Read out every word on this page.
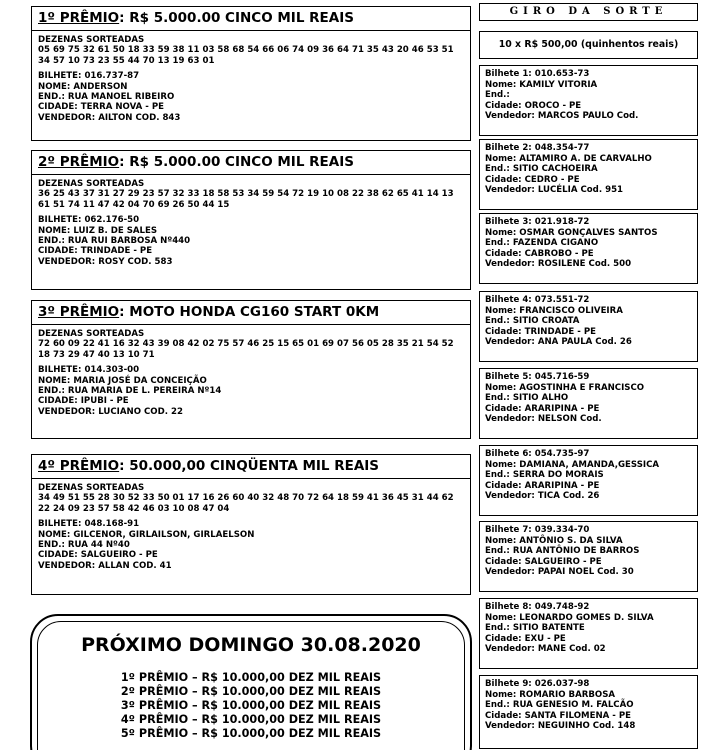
1º PRÊMIO: R$ 5.000.00 CINCO MIL REAIS
DEZENAS SORTEADAS
05 69 75 32 61 50 18 33 59 38 11 03 58 68 54 66 06 74 09 36 64 71 35 43 20 46 53 51 34 57 10 73 23 55 44 70 13 19 63 01
BILHETE: 016.737-87
NOME: ANDERSON
END.: RUA MANOEL RIBEIRO
CIDADE: TERRA NOVA - PE
VENDEDOR: AILTON COD. 843
2º PRÊMIO: R$ 5.000.00 CINCO MIL REAIS
DEZENAS SORTEADAS
36 25 43 37 31 27 29 23 57 32 33 18 58 53 34 59 54 72 19 10 08 22 38 62 65 41 14 13 61 51 74 11 47 42 04 70 69 26 50 44 15
BILHETE: 062.176-50
NOME: LUIZ B. DE SALES
END.: RUA RUI BARBOSA Nº440
CIDADE: TRINDADE - PE
VENDEDOR: ROSY COD. 583
3º PRÊMIO: MOTO HONDA CG160 START 0KM
DEZENAS SORTEADAS
72 60 09 22 41 16 32 43 39 08 42 02 75 57 46 25 15 65 01 69 07 56 05 28 35 21 54 52 18 73 29 47 40 13 10 71
BILHETE: 014.303-00
NOME: MARIA JOSÉ DA CONCEIÇÃO
END.: RUA MARIA DE L. PEREIRA Nº14
CIDADE: IPUBI - PE
VENDEDOR: LUCIANO COD. 22
4º PRÊMIO: 50.000,00 CINQÜENTA MIL REAIS
DEZENAS SORTEADAS
34 49 51 55 28 30 52 33 50 01 17 16 26 60 40 32 48 70 72 64 18 59 41 36 45 31 44 62 22 24 09 23 57 58 42 46 03 10 08 47 04
BILHETE: 048.168-91
NOME: GILCENOR, GIRLAILSON, GIRLAELSON
END.: RUA 44 Nº40
CIDADE: SALGUEIRO - PE
VENDEDOR: ALLAN COD. 41
GIRO DA SORTE
10 x R$ 500,00 (quinhentos reais)
Bilhete 1: 010.653-73
Nome: KAMILY VITORIA
End.:
Cidade: OROCO - PE
Vendedor: MARCOS PAULO Cod.
Bilhete 2: 048.354-77
Nome: ALTAMIRO A. DE CARVALHO
End.: SITIO CACHOEIRA
Cidade: CEDRO - PE
Vendedor: LUCÉLIA Cod. 951
Bilhete 3: 021.918-72
Nome: OSMAR GONÇALVES SANTOS
End.: FAZENDA CIGANO
Cidade: CABROBO - PE
Vendedor: ROSILENE Cod. 500
Bilhete 4: 073.551-72
Nome: FRANCISCO OLIVEIRA
End.: SITIO CROATA
Cidade: TRINDADE - PE
Vendedor: ANA PAULA Cod. 26
Bilhete 5: 045.716-59
Nome: AGOSTINHA E FRANCISCO
End.: SITIO ALHO
Cidade: ARARIPINA - PE
Vendedor: NELSON Cod.
Bilhete 6: 054.735-97
Nome: DAMIANA, AMANDA,GESSICA
End.: SERRA DO MORAIS
Cidade: ARARIPINA - PE
Vendedor: TICA Cod. 26
Bilhete 7: 039.334-70
Nome: ANTÔNIO S. DA SILVA
End.: RUA ANTÔNIO DE BARROS
Cidade: SALGUEIRO - PE
Vendedor: PAPAI NOEL Cod. 30
Bilhete 8: 049.748-92
Nome: LEONARDO GOMES D. SILVA
End.: SITIO BATENTE
Cidade: EXU - PE
Vendedor: MANE Cod. 02
Bilhete 9: 026.037-98
Nome: ROMARIO BARBOSA
End.: RUA GENESIO M. FALCÃO
Cidade: SANTA FILOMENA - PE
Vendedor: NEGUINHO Cod. 148
PRÓXIMO DOMINGO 30.08.2020
1º PRÊMIO – R$ 10.000,00 DEZ MIL REAIS
2º PRÊMIO – R$ 10.000,00 DEZ MIL REAIS
3º PRÊMIO – R$ 10.000,00 DEZ MIL REAIS
4º PRÊMIO – R$ 10.000,00 DEZ MIL REAIS
5º PRÊMIO – R$ 10.000,00 DEZ MIL REAIS
